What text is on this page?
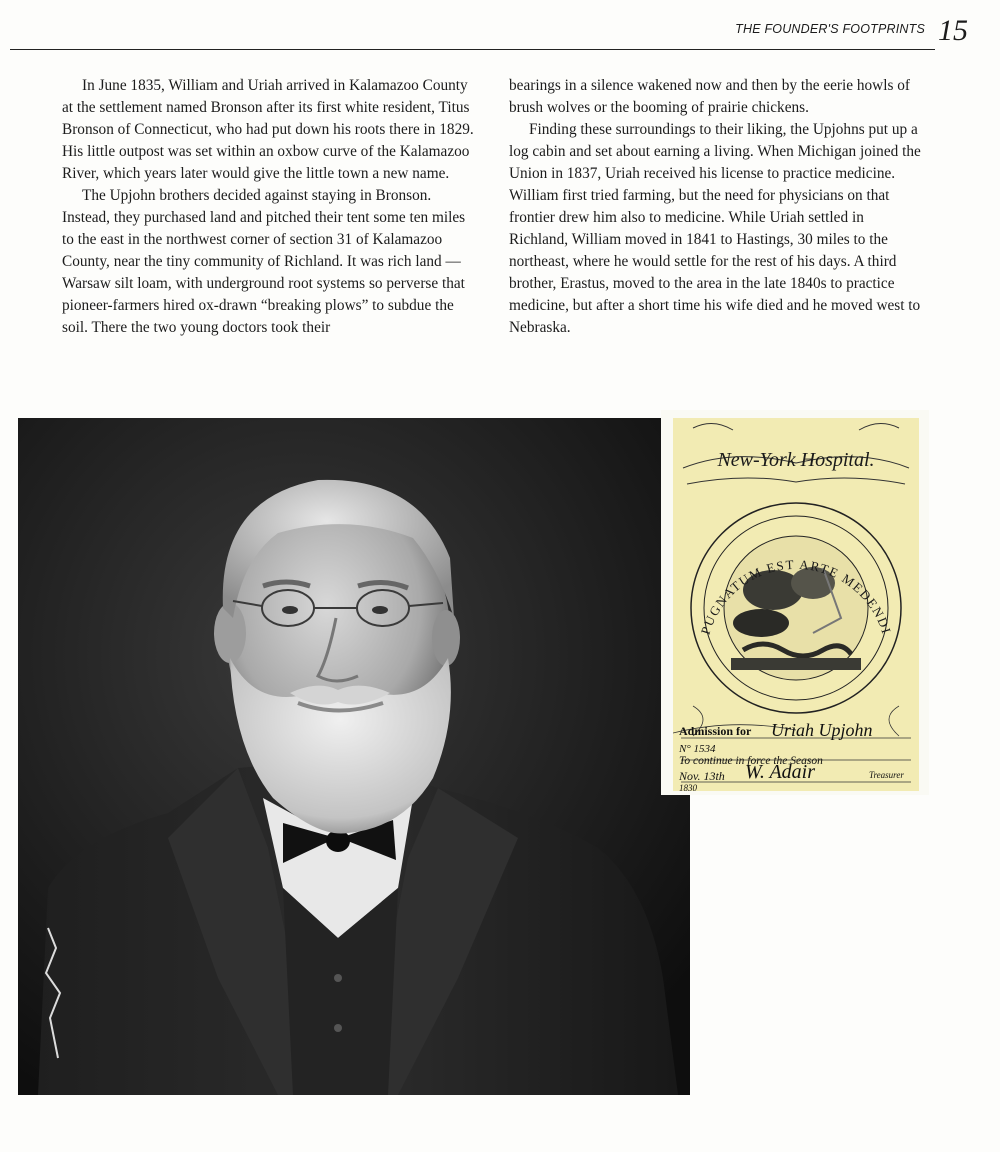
THE FOUNDER'S FOOTPRINTS 15

In June 1835, William and Uriah arrived in Kalamazoo County at the settlement named Bronson after its first white resident, Titus Bronson of Connecticut, who had put down his roots there in 1829. His little outpost was set within an oxbow curve of the Kalamazoo River, which years later would give the little town a new name.

The Upjohn brothers decided against staying in Bronson. Instead, they purchased land and pitched their tent some ten miles to the east in the northwest corner of section 31 of Kalamazoo County, near the tiny community of Richland. It was rich land — Warsaw silt loam, with underground root systems so perverse that pioneer-farmers hired ox-drawn “breaking plows” to subdue the soil. There the two young doctors took their

bearings in a silence wakened now and then by the eerie howls of brush wolves or the booming of prairie chickens.

Finding these surroundings to their liking, the Upjohns put up a log cabin and set about earning a living. When Michigan joined the Union in 1837, Uriah received his license to practice medicine. William first tried farming, but the need for physicians on that frontier drew him also to medicine. While Uriah settled in Richland, William moved in 1841 to Hastings, 30 miles to the northeast, where he would settle for the rest of his days. A third brother, Erastus, moved to the area in the late 1840s to practice medicine, but after a short time his wife died and he moved west to Nebraska.

New-York Hospital.
PUGNATUM EST ARTE MEDENDI
Admission for Uriah Upjohn
N° 1534
To continue in force the Season
Nov. 13th W. Adair	Treasurer
1830
